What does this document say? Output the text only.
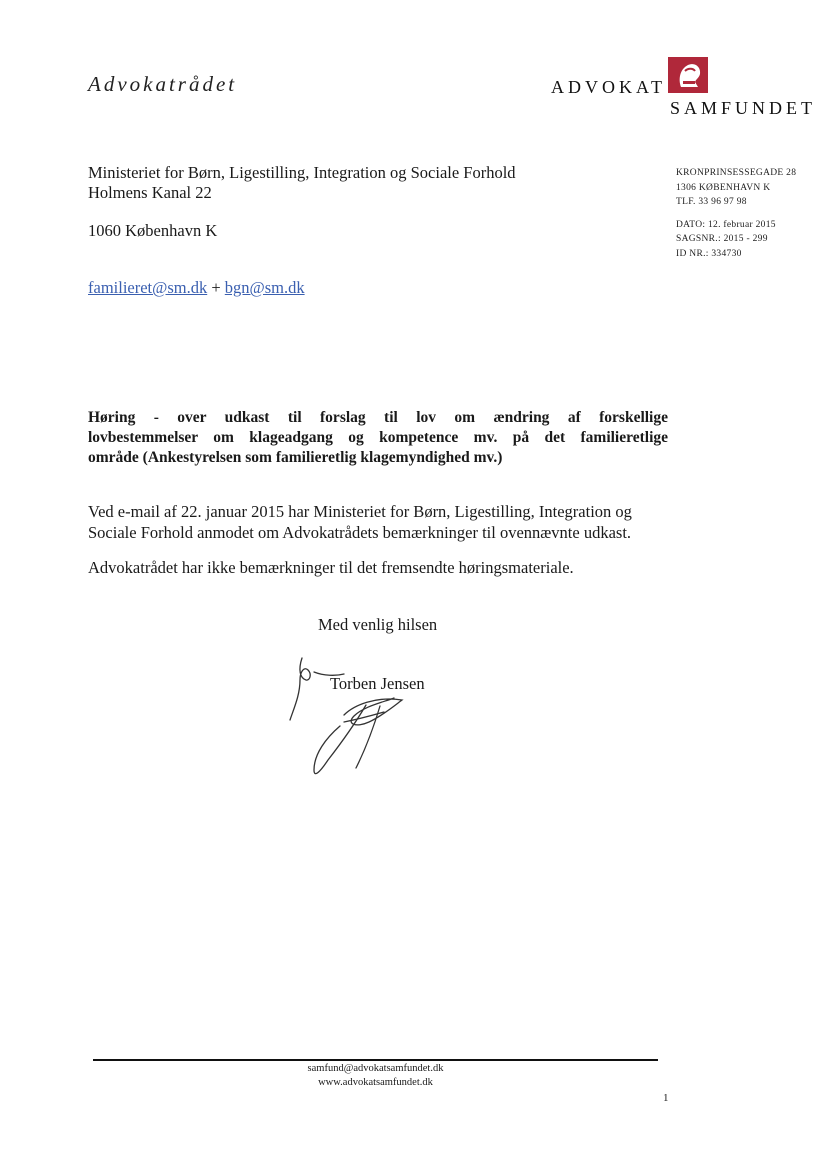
Advokatrådet	ADVOKAT
SAMFUNDET
Ministeriet for Børn, Ligestilling, Integration og Sociale Forhold
Holmens Kanal 22
1060 København K
familieret@sm.dk + bgn@sm.dk
KRONPRINSESSEGADE 28
1306 KØBENHAVN K
TLF. 33 96 97 98
DATO: 12. februar 2015
SAGSNR.: 2015 - 299
ID NR.: 334730
Høring - over udkast til forslag til lov om ændring af forskellige
lovbestemmelser om klageadgang og kompetence mv. på det familieretlige
område (Ankestyrelsen som familieretlig klagemyndighed mv.)
Ved e-mail af 22. januar 2015 har Ministeriet for Børn, Ligestilling, Integration og Sociale Forhold anmodet om Advokatrådets bemærkninger til ovennævnte udkast.
Advokatrådet har ikke bemærkninger til det fremsendte høringsmateriale.
Med venlig hilsen
Torben Jensen
samfund@advokatsamfundet.dk
www.advokatsamfundet.dk
1
